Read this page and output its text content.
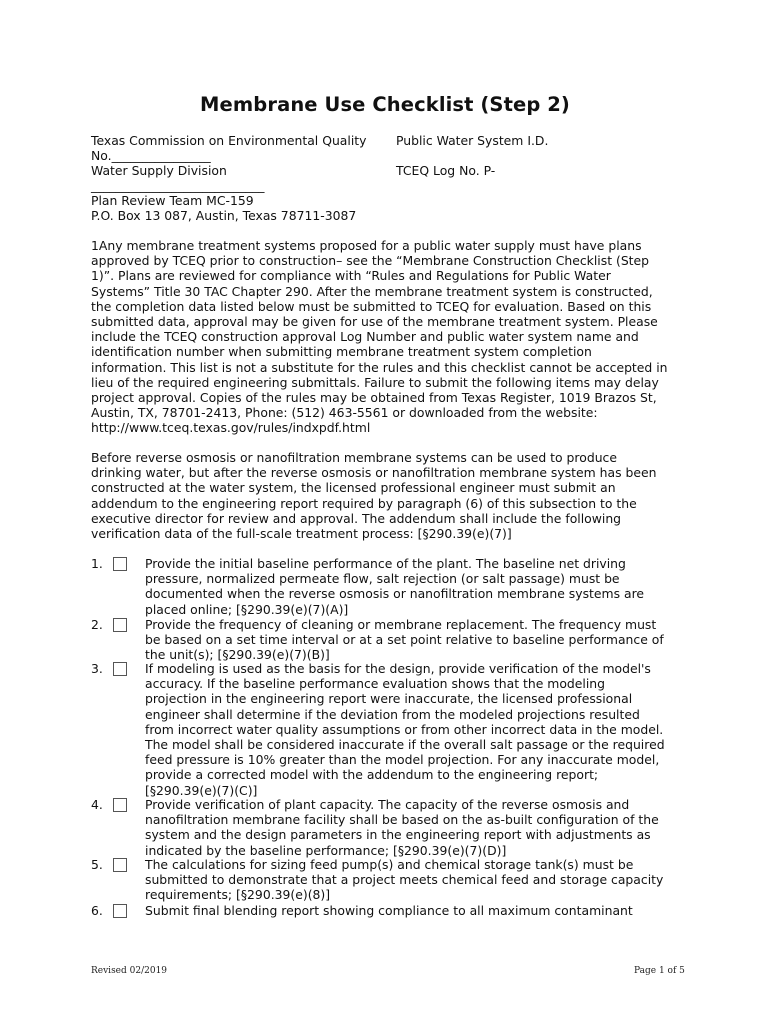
Membrane Use Checklist (Step 2)
Texas Commission on Environmental Quality Public Water System I.D.
No.________________
Water Supply Division	TCEQ Log No. P-
____________________________
Plan Review Team MC-159
P.O. Box 13 087, Austin, Texas 78711-3087
1Any membrane treatment systems proposed for a public water supply must have plans
approved by TCEQ prior to construction– see the “Membrane Construction Checklist (Step
1)”. Plans are reviewed for compliance with “Rules and Regulations for Public Water
Systems” Title 30 TAC Chapter 290. After the membrane treatment system is constructed,
the completion data listed below must be submitted to TCEQ for evaluation. Based on this
submitted data, approval may be given for use of the membrane treatment system. Please
include the TCEQ construction approval Log Number and public water system name and
identification number when submitting membrane treatment system completion
information. This list is not a substitute for the rules and this checklist cannot be accepted in
lieu of the required engineering submittals. Failure to submit the following items may delay
project approval. Copies of the rules may be obtained from Texas Register, 1019 Brazos St,
Austin, TX, 78701-2413, Phone: (512) 463-5561 or downloaded from the website:
http://www.tceq.texas.gov/rules/indxpdf.html
Before reverse osmosis or nanofiltration membrane systems can be used to produce
drinking water, but after the reverse osmosis or nanofiltration membrane system has been
constructed at the water system, the licensed professional engineer must submit an
addendum to the engineering report required by paragraph (6) of this subsection to the
executive director for review and approval. The addendum shall include the following
verification data of the full-scale treatment process: [§290.39(e)(7)]
1.	Provide the initial baseline performance of the plant. The baseline net driving
pressure, normalized permeate flow, salt rejection (or salt passage) must be
documented when the reverse osmosis or nanofiltration membrane systems are
placed online; [§290.39(e)(7)(A)]
2.	Provide the frequency of cleaning or membrane replacement. The frequency must
be based on a set time interval or at a set point relative to baseline performance of
the unit(s); [§290.39(e)(7)(B)]
3.	If modeling is used as the basis for the design, provide verification of the model's
accuracy. If the baseline performance evaluation shows that the modeling
projection in the engineering report were inaccurate, the licensed professional
engineer shall determine if the deviation from the modeled projections resulted
from incorrect water quality assumptions or from other incorrect data in the model.
The model shall be considered inaccurate if the overall salt passage or the required
feed pressure is 10% greater than the model projection. For any inaccurate model,
provide a corrected model with the addendum to the engineering report;
[§290.39(e)(7)(C)]
4.	Provide verification of plant capacity. The capacity of the reverse osmosis and
nanofiltration membrane facility shall be based on the as-built configuration of the
system and the design parameters in the engineering report with adjustments as
indicated by the baseline performance; [§290.39(e)(7)(D)]
5.	The calculations for sizing feed pump(s) and chemical storage tank(s) must be
submitted to demonstrate that a project meets chemical feed and storage capacity
requirements; [§290.39(e)(8)]
6.	Submit final blending report showing compliance to all maximum contaminant
Revised 02/2019	Page 1 of 5
